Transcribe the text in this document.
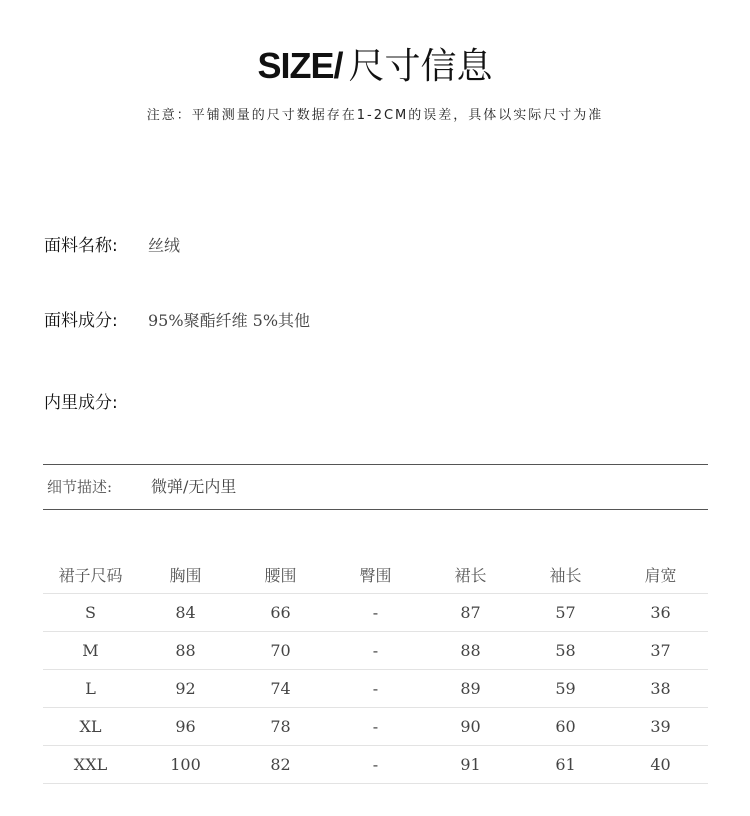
SIZE/ 尺寸信息
注意：平铺测量的尺寸数据存在1-2CM的误差，具体以实际尺寸为准
面料名称: 丝绒
面料成分: 95%聚酯纤维 5%其他
内里成分:
细节描述: 微弹/无内里
裙子尺码	胸围	腰围	臀围	裙长	袖长	肩宽
S	84	66	-	87	57	36
M	88	70	-	88	58	37
L	92	74	-	89	59	38
XL	96	78	-	90	60	39
XXL	100	82	-	91	61	40
